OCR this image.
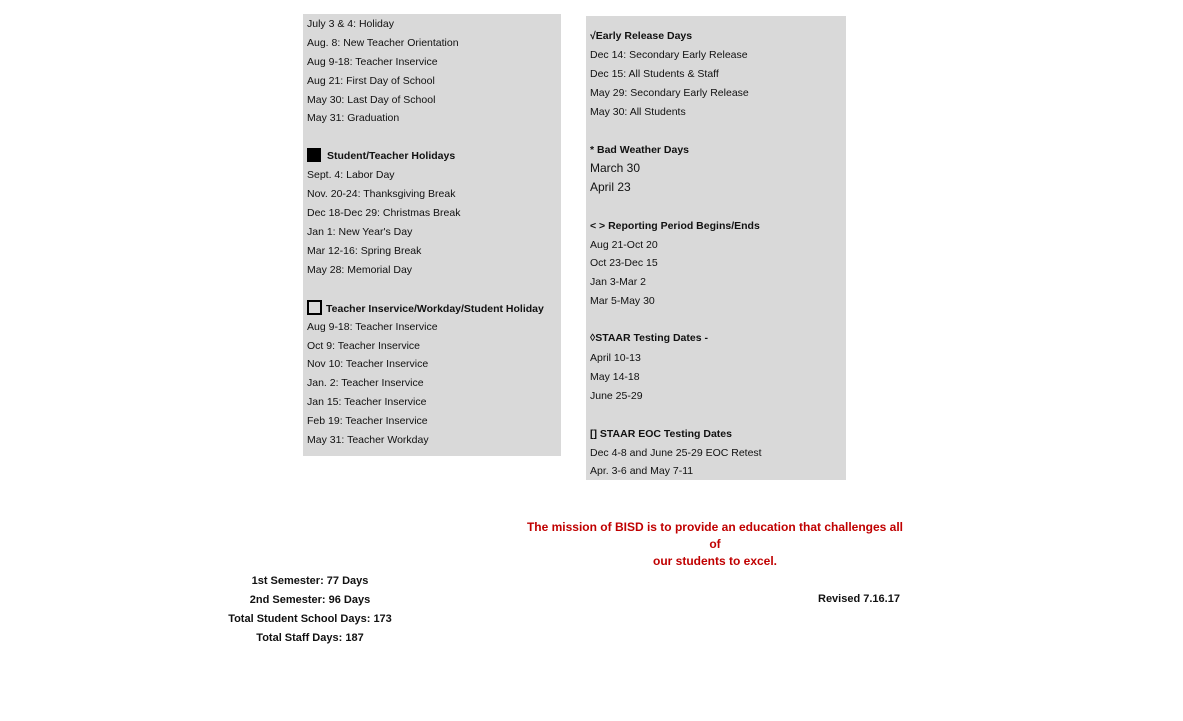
July 3 & 4: Holiday
Aug. 8: New Teacher Orientation
Aug 9-18: Teacher Inservice
Aug 21: First Day of School
May 30: Last Day of School
May 31: Graduation
Student/Teacher Holidays
Sept. 4: Labor Day
Nov. 20-24: Thanksgiving Break
Dec 18-Dec 29: Christmas Break
Jan 1: New Year's Day
Mar 12-16: Spring Break
May 28: Memorial Day
Teacher Inservice/Workday/Student Holiday
Aug 9-18: Teacher Inservice
Oct 9: Teacher Inservice
Nov 10: Teacher Inservice
Jan. 2: Teacher Inservice
Jan 15: Teacher Inservice
Feb 19: Teacher Inservice
May 31: Teacher Workday
√Early Release Days
Dec 14: Secondary Early Release
Dec 15: All Students & Staff
May 29: Secondary Early Release
May 30: All Students
* Bad Weather Days
March 30
April 23
< > Reporting Period Begins/Ends
Aug 21-Oct 20
Oct 23-Dec 15
Jan 3-Mar 2
Mar 5-May 30
◊STAAR Testing Dates -
April 10-13
May 14-18
June 25-29
[] STAAR EOC Testing Dates
Dec 4-8 and June 25-29 EOC Retest
Apr. 3-6 and May 7-11
The mission of BISD is to provide an education that challenges all of
our students to excel.
1st Semester: 77 Days
2nd Semester: 96 Days
Total Student School Days: 173
Total Staff Days: 187
Revised 7.16.17
